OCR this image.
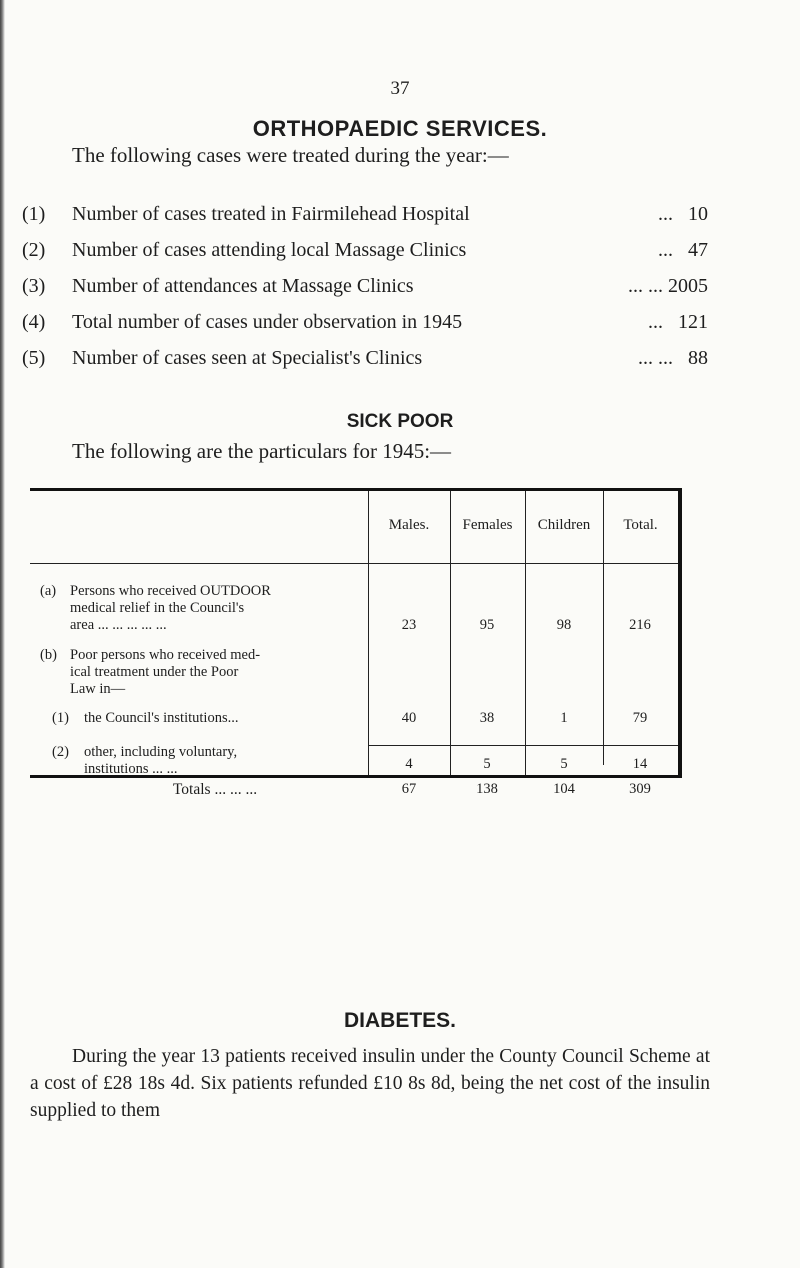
37
ORTHOPAEDIC SERVICES.
The following cases were treated during the year:—
(1)	Number of cases treated in Fairmilehead Hospital	... 10
(2)	Number of cases attending local Massage Clinics	... 47
(3)	Number of attendances at Massage Clinics	... ... 2005
(4)	Total number of cases under observation in 1945	... 121
(5)	Number of cases seen at Specialist's Clinics	... ... 88
SICK POOR
The following are the particulars for 1945:—
Males.	Females	Children	Total.
(a) Persons who received OUTDOOR
medical relief in the Council's
area ... ... ... ... ...	23	95	98	216
(b) Poor persons who received med-
ical treatment under the Poor
Law in—
(1) the Council's institutions...	40	38	1	79
(2) other, including voluntary,
institutions ... ...	4	5	5	14
Totals ... ... ...	67	138	104	309
DIABETES.
During the year 13 patients received insulin under the County Council Scheme at a cost of £28 18s 4d. Six patients refunded £10 8s 8d, being the net cost of the insulin supplied to them
